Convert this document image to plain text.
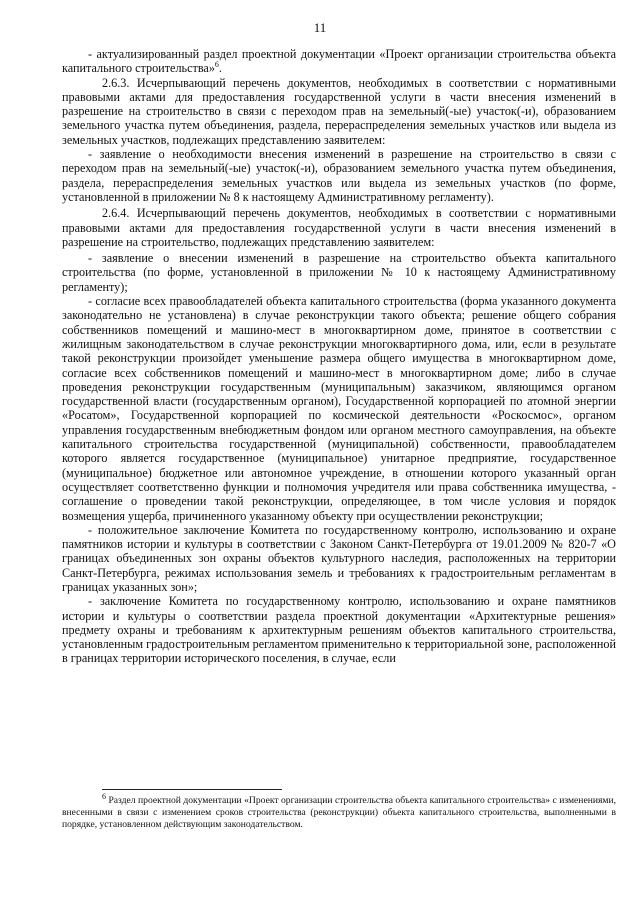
11

- актуализированный раздел проектной документации «Проект организации строительства объекта капитального строительства»$^6$.

2.6.3. Исчерпывающий перечень документов, необходимых в соответствии с нормативными правовыми актами для предоставления государственной услуги в части внесения изменений в разрешение на строительство в связи с переходом прав на земельный(-ые) участок(-и), образованием земельного участка путем объединения, раздела, перераспределения земельных участков или выдела из земельных участков, подлежащих представлению заявителем:

- заявление о необходимости внесения изменений в разрешение на строительство в связи с переходом прав на земельный(-ые) участок(-и), образованием земельного участка путем объединения, раздела, перераспределения земельных участков или выдела из земельных участков (по форме, установленной в приложении № 8 к настоящему Административному регламенту).

2.6.4. Исчерпывающий перечень документов, необходимых в соответствии с нормативными правовыми актами для предоставления государственной услуги в части внесения изменений в разрешение на строительство, подлежащих представлению заявителем:

- заявление о внесении изменений в разрешение на строительство объекта капитального строительства (по форме, установленной в приложении № 10 к настоящему Административному регламенту);

- согласие всех правообладателей объекта капитального строительства (форма указанного документа законодательно не установлена) в случае реконструкции такого объекта; решение общего собрания собственников помещений и машино-мест в многоквартирном доме, принятое в соответствии с жилищным законодательством в случае реконструкции многоквартирного дома, или, если в результате такой реконструкции произойдет уменьшение размера общего имущества в многоквартирном доме, согласие всех собственников помещений и машино-мест в многоквартирном доме; либо в случае проведения реконструкции государственным (муниципальным) заказчиком, являющимся органом государственной власти (государственным органом), Государственной корпорацией по атомной энергии «Росатом», Государственной корпорацией по космической деятельности «Роскосмос», органом управления государственным внебюджетным фондом или органом местного самоуправления, на объекте капитального строительства государственной (муниципальной) собственности, правообладателем которого является государственное (муниципальное) унитарное предприятие, государственное (муниципальное) бюджетное или автономное учреждение, в отношении которого указанный орган осуществляет соответственно функции и полномочия учредителя или права собственника имущества, - соглашение о проведении такой реконструкции, определяющее, в том числе условия и порядок возмещения ущерба, причиненного указанному объекту при осуществлении реконструкции;

- положительное заключение Комитета по государственному контролю, использованию и охране памятников истории и культуры в соответствии с Законом Санкт-Петербурга от 19.01.2009 № 820-7 «О границах объединенных зон охраны объектов культурного наследия, расположенных на территории Санкт-Петербурга, режимах использования земель и требованиях к градостроительным регламентам в границах указанных зон»;

- заключение Комитета по государственному контролю, использованию и охране памятников истории и культуры о соответствии раздела проектной документации «Архитектурные решения» предмету охраны и требованиям к архитектурным решениям объектов капитального строительства, установленным градостроительным регламентом применительно к территориальной зоне, расположенной в границах территории исторического поселения, в случае, если

$^6$ Раздел проектной документации «Проект организации строительства объекта капитального строительства» с изменениями, внесенными в связи с изменением сроков строительства (реконструкции) объекта капитального строительства, выполненными в порядке, установленном действующим законодательством.
